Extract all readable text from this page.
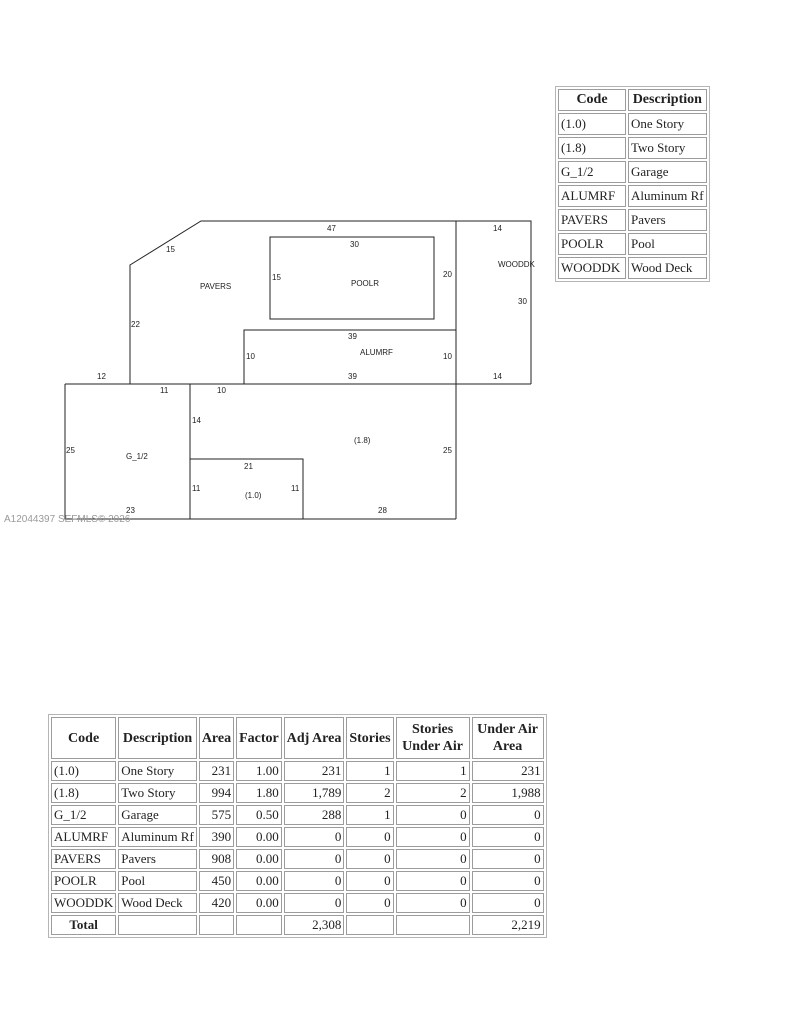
Code	Description
(1.0)	One Story
(1.8)	Two Story
G_1/2	Garage
ALUMRF	Aluminum Rf
PAVERS	Pavers
POOLR	Pool
WOODDK	Wood Deck
PAVERS	POOLR
WOODDK
ALUMRF
G_1/2
(1.8)
(1.0)
47	14
30
15
15	20
30
22
39
10	10
12	39	14
11	10
14
25	25
21
11	11
23	28
A12044397 SEFMLS© 2026
Code	Description	Area	Factor	Adj Area	Stories	Stories Under Air	Under Air Area
(1.0)	One Story	231	1.00	231	1	1	231
(1.8)	Two Story	994	1.80	1,789	2	2	1,988
G_1/2	Garage	575	0.50	288	1	0	0
ALUMRF	Aluminum Rf	390	0.00	0	0	0	0
PAVERS	Pavers	908	0.00	0	0	0	0
POOLR	Pool	450	0.00	0	0	0	0
WOODDK	Wood Deck	420	0.00	0	0	0	0
Total				2,308			2,219
